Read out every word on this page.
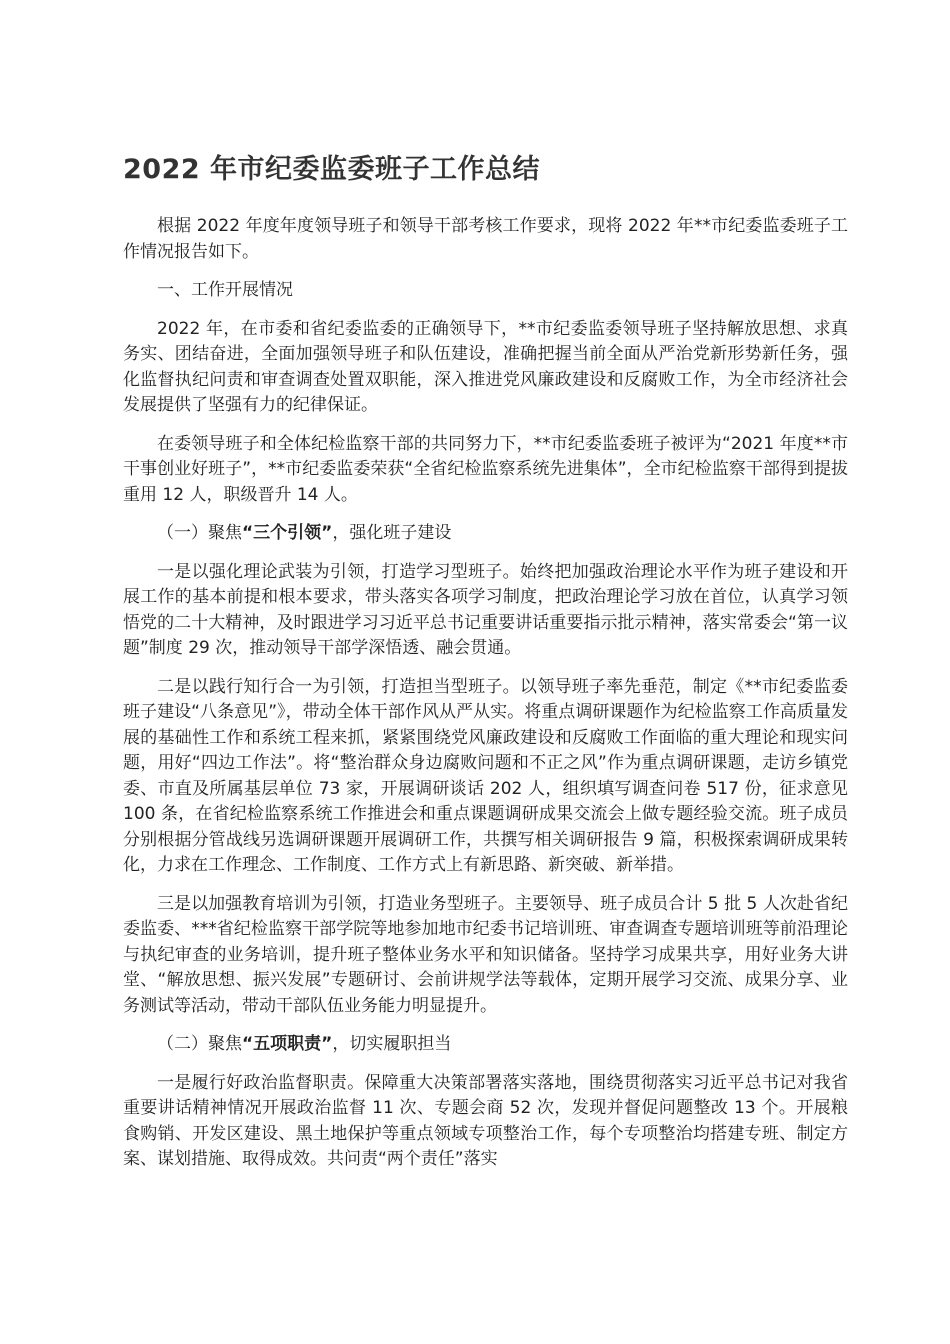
2022 年市纪委监委班子工作总结

根据 2022 年度年度领导班子和领导干部考核工作要求，现将 2022 年**市纪委监委班子工作情况报告如下。

一、工作开展情况

2022 年，在市委和省纪委监委的正确领导下，**市纪委监委领导班子坚持解放思想、求真务实、团结奋进，全面加强领导班子和队伍建设，准确把握当前全面从严治党新形势新任务，强化监督执纪问责和审查调查处置双职能，深入推进党风廉政建设和反腐败工作，为全市经济社会发展提供了坚强有力的纪律保证。

在委领导班子和全体纪检监察干部的共同努力下，**市纪委监委班子被评为“2021 年度**市干事创业好班子”，**市纪委监委荣获“全省纪检监察系统先进集体”，全市纪检监察干部得到提拔重用 12 人，职级晋升 14 人。

（一）聚焦“三个引领”，强化班子建设

一是以强化理论武装为引领，打造学习型班子。始终把加强政治理论水平作为班子建设和开展工作的基本前提和根本要求，带头落实各项学习制度，把政治理论学习放在首位，认真学习领悟党的二十大精神，及时跟进学习习近平总书记重要讲话重要指示批示精神，落实常委会“第一议题”制度 29 次，推动领导干部学深悟透、融会贯通。

二是以践行知行合一为引领，打造担当型班子。以领导班子率先垂范，制定《**市纪委监委班子建设“八条意见”》，带动全体干部作风从严从实。将重点调研课题作为纪检监察工作高质量发展的基础性工作和系统工程来抓，紧紧围绕党风廉政建设和反腐败工作面临的重大理论和现实问题，用好“四边工作法”。将“整治群众身边腐败问题和不正之风”作为重点调研课题，走访乡镇党委、市直及所属基层单位 73 家，开展调研谈话 202 人，组织填写调查问卷 517 份，征求意见 100 条，在省纪检监察系统工作推进会和重点课题调研成果交流会上做专题经验交流。班子成员分别根据分管战线另选调研课题开展调研工作，共撰写相关调研报告 9 篇，积极探索调研成果转化，力求在工作理念、工作制度、工作方式上有新思路、新突破、新举措。

三是以加强教育培训为引领，打造业务型班子。主要领导、班子成员合计 5 批 5 人次赴省纪委监委、***省纪检监察干部学院等地参加地市纪委书记培训班、审查调查专题培训班等前沿理论与执纪审查的业务培训，提升班子整体业务水平和知识储备。坚持学习成果共享，用好业务大讲堂、“解放思想、振兴发展”专题研讨、会前讲规学法等载体，定期开展学习交流、成果分享、业务测试等活动，带动干部队伍业务能力明显提升。

（二）聚焦“五项职责”，切实履职担当

一是履行好政治监督职责。保障重大决策部署落实落地，围绕贯彻落实习近平总书记对我省重要讲话精神情况开展政治监督 11 次、专题会商 52 次，发现并督促问题整改 13 个。开展粮食购销、开发区建设、黑土地保护等重点领域专项整治工作，每个专项整治均搭建专班、制定方案、谋划措施、取得成效。共问责“两个责任”落实
